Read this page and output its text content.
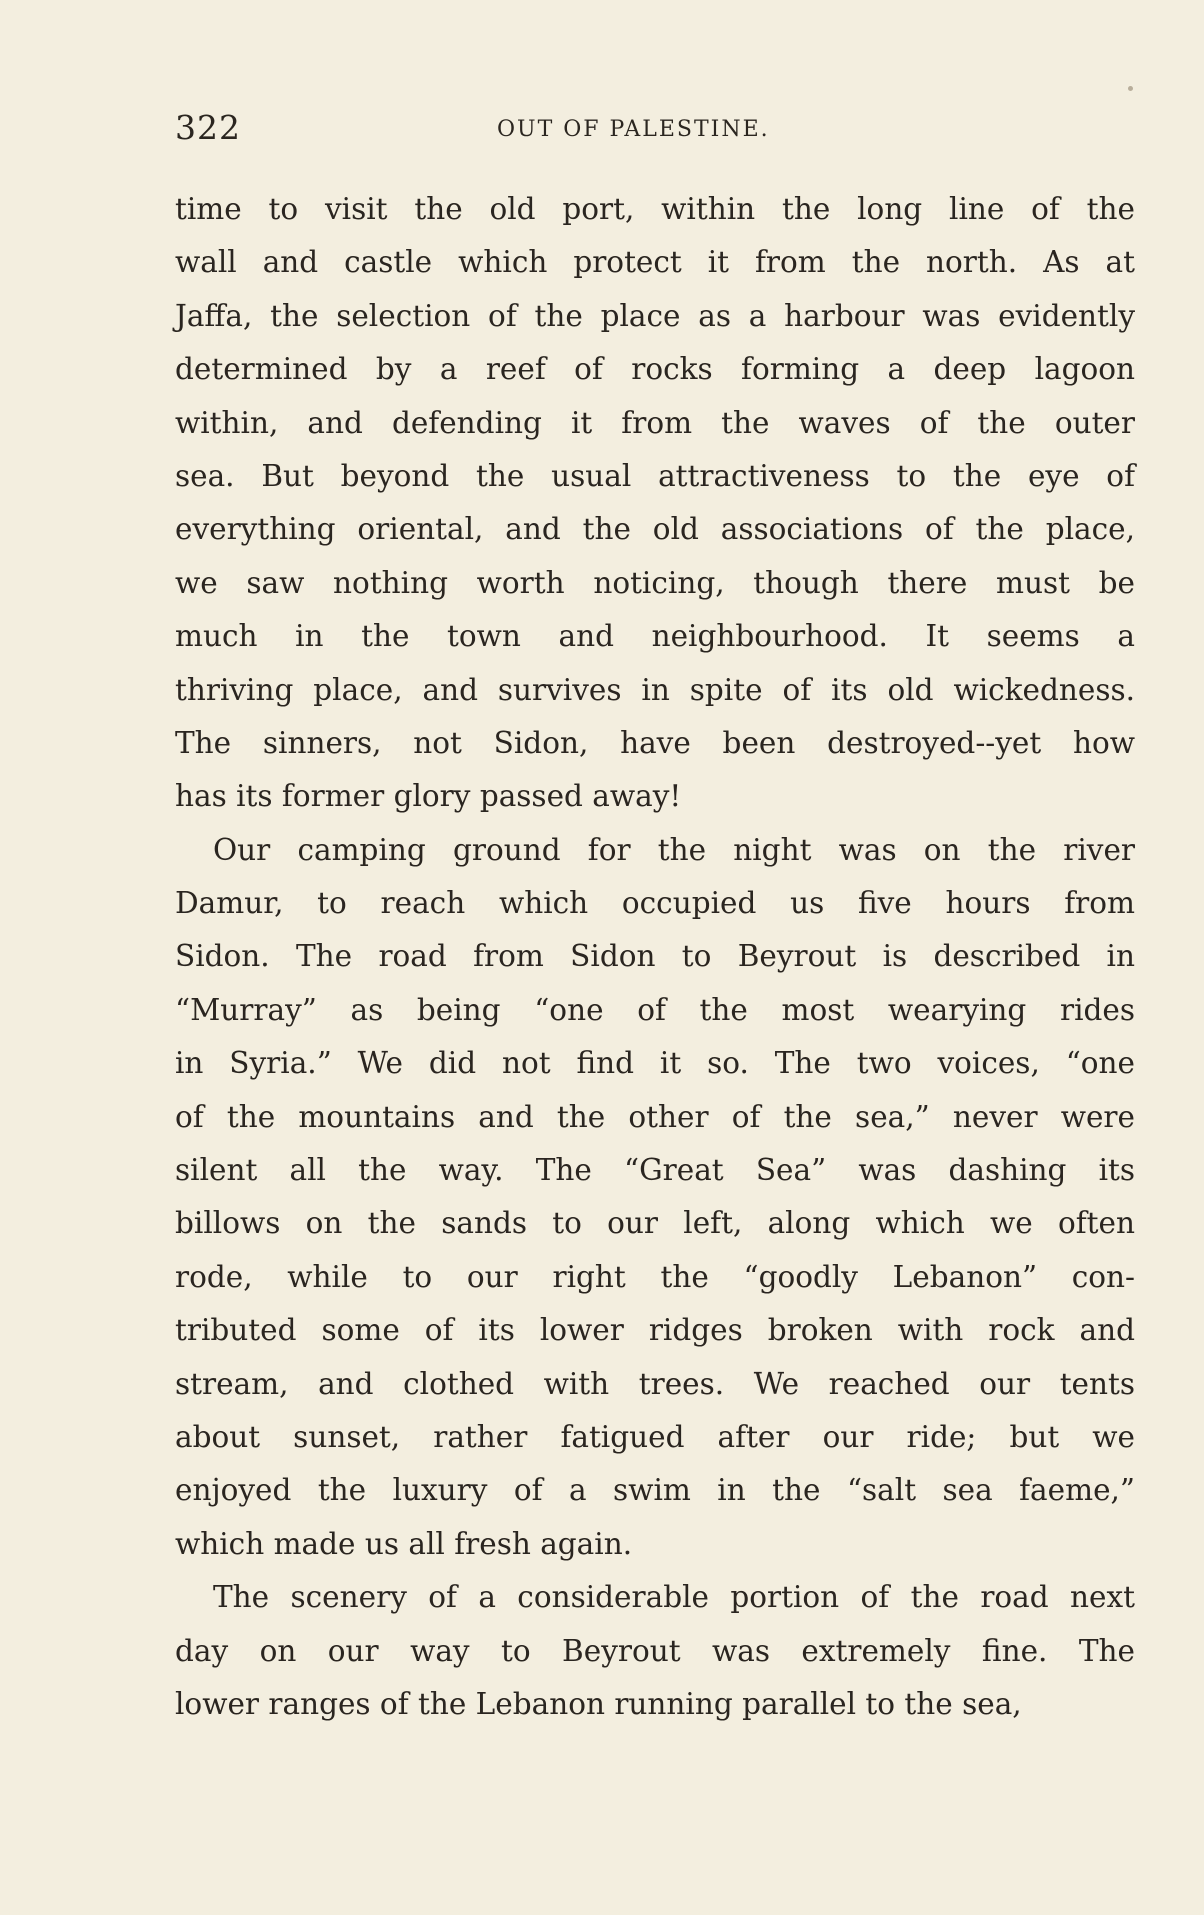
322	OUT OF PALESTINE.
time to visit the old port, within the long line of the
wall and castle which protect it from the north. As at
Jaffa, the selection of the place as a harbour was evidently
determined by a reef of rocks forming a deep lagoon
within, and defending it from the waves of the outer
sea. But beyond the usual attractiveness to the eye of
everything oriental, and the old associations of the place,
we saw nothing worth noticing, though there must be
much in the town and neighbourhood. It seems a
thriving place, and survives in spite of its old wickedness.
The sinners, not Sidon, have been destroyed--yet how
has its former glory passed away!
Our camping ground for the night was on the river
Damur, to reach which occupied us five hours from
Sidon. The road from Sidon to Beyrout is described in
“Murray” as being “one of the most wearying rides
in Syria.” We did not find it so. The two voices, “one
of the mountains and the other of the sea,” never were
silent all the way. The “Great Sea” was dashing its
billows on the sands to our left, along which we often
rode, while to our right the “goodly Lebanon” con-
tributed some of its lower ridges broken with rock and
stream, and clothed with trees. We reached our tents
about sunset, rather fatigued after our ride; but we
enjoyed the luxury of a swim in the “salt sea faeme,”
which made us all fresh again.
The scenery of a considerable portion of the road next
day on our way to Beyrout was extremely fine. The
lower ranges of the Lebanon running parallel to the sea,
